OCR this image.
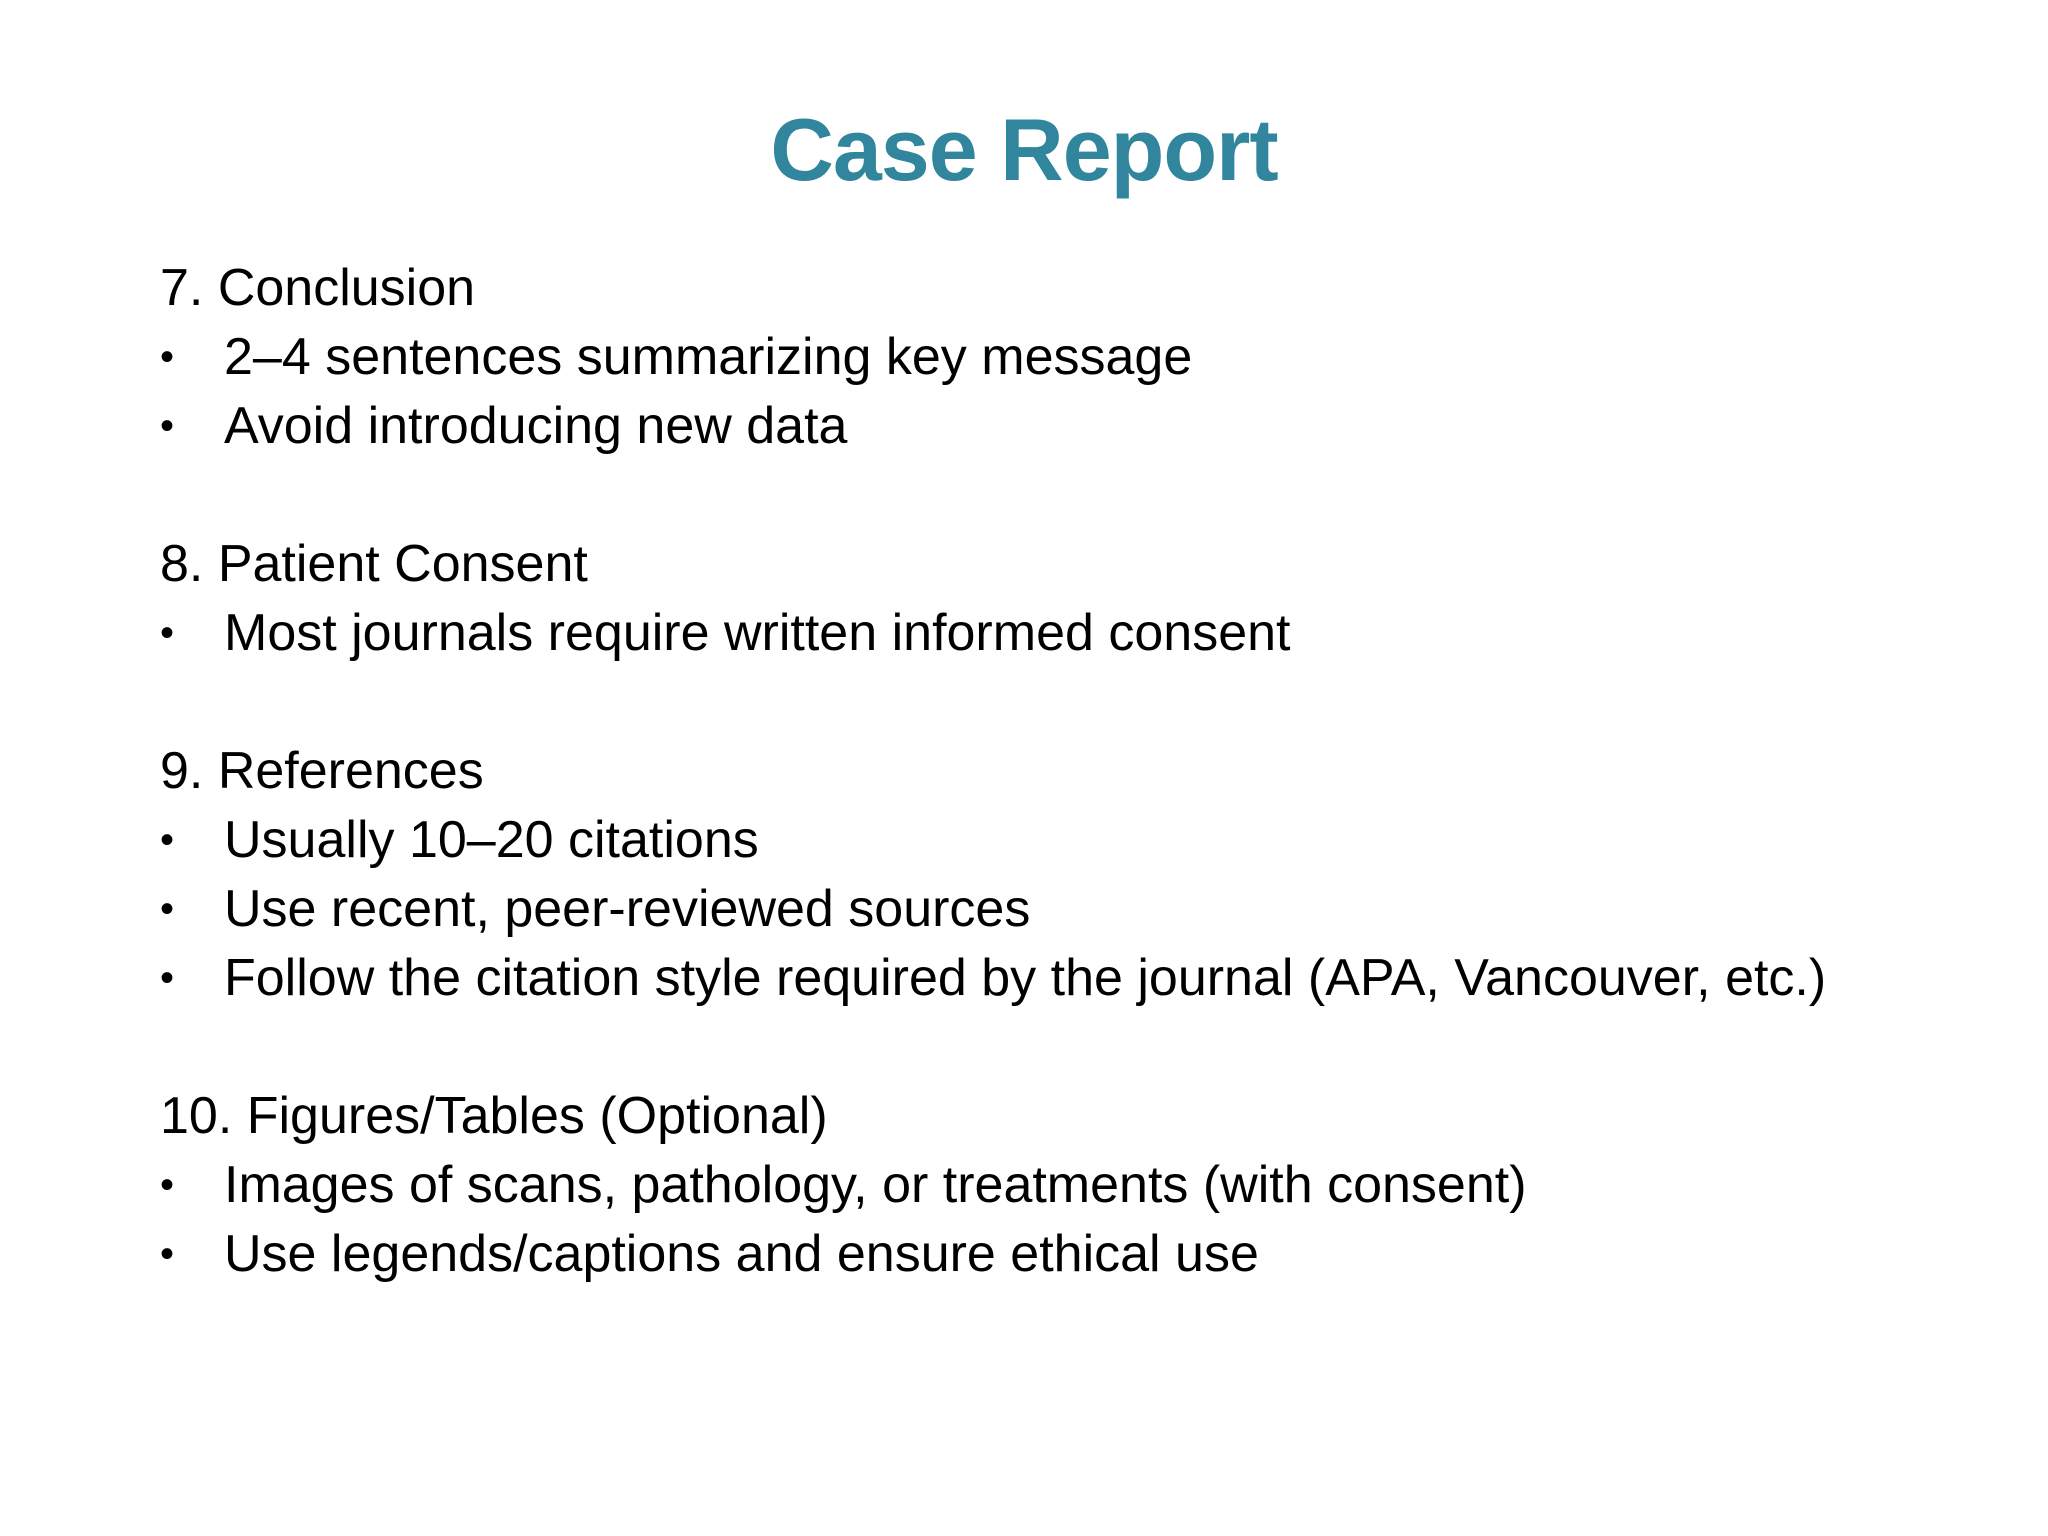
Case Report
7. Conclusion
• 2–4 sentences summarizing key message
• Avoid introducing new data
8. Patient Consent
• Most journals require written informed consent
9. References
• Usually 10–20 citations
• Use recent, peer-reviewed sources
• Follow the citation style required by the journal (APA, Vancouver, etc.)
10. Figures/Tables (Optional)
• Images of scans, pathology, or treatments (with consent)
• Use legends/captions and ensure ethical use
